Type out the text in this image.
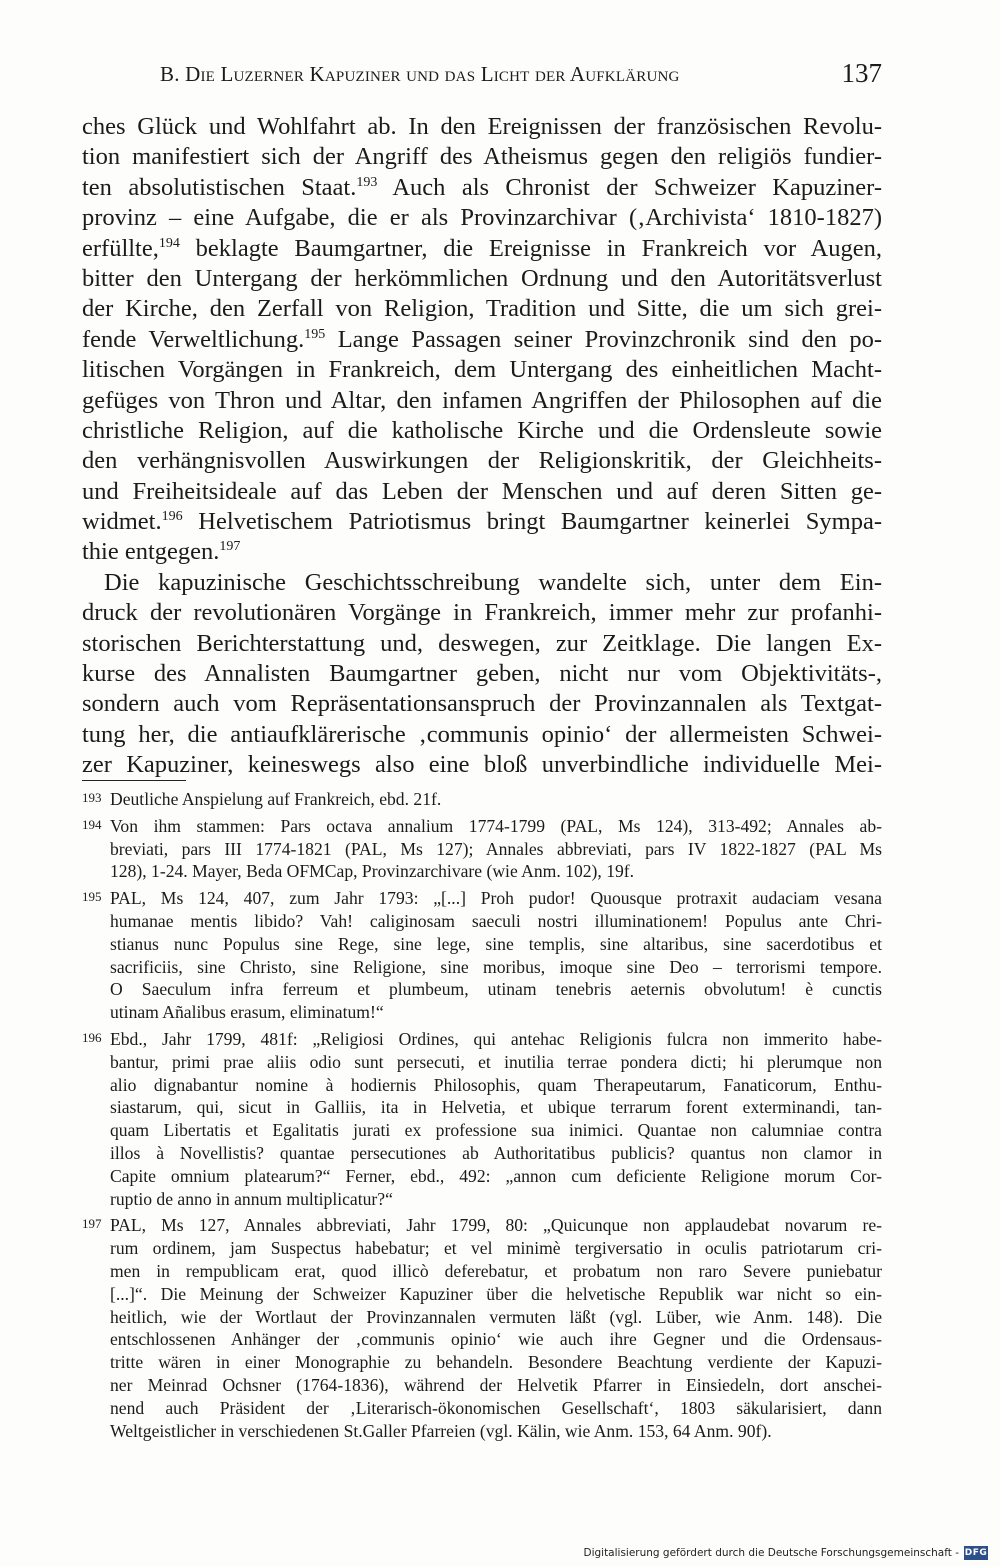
B. Die Luzerner Kapuziner und das Licht der Aufklärung	137
ches Glück und Wohlfahrt ab. In den Ereignissen der französischen Revolu-
tion manifestiert sich der Angriff des Atheismus gegen den religiös fundier-
ten absolutistischen Staat.$^{193}$ Auch als Chronist der Schweizer Kapuziner-
provinz – eine Aufgabe, die er als Provinzarchivar (‚Archivista‘ 1810-1827)
erfüllte,$^{194}$ beklagte Baumgartner, die Ereignisse in Frankreich vor Augen,
bitter den Untergang der herkömmlichen Ordnung und den Autoritätsverlust
der Kirche, den Zerfall von Religion, Tradition und Sitte, die um sich grei-
fende Verweltlichung.$^{195}$ Lange Passagen seiner Provinzchronik sind den po-
litischen Vorgängen in Frankreich, dem Untergang des einheitlichen Macht-
gefüges von Thron und Altar, den infamen Angriffen der Philosophen auf die
christliche Religion, auf die katholische Kirche und die Ordensleute sowie
den verhängnisvollen Auswirkungen der Religionskritik, der Gleichheits-
und Freiheitsideale auf das Leben der Menschen und auf deren Sitten ge-
widmet.$^{196}$ Helvetischem Patriotismus bringt Baumgartner keinerlei Sympa-
thie entgegen.$^{197}$
Die kapuzinische Geschichtsschreibung wandelte sich, unter dem Ein-
druck der revolutionären Vorgänge in Frankreich, immer mehr zur profanhi-
storischen Berichterstattung und, deswegen, zur Zeitklage. Die langen Ex-
kurse des Annalisten Baumgartner geben, nicht nur vom Objektivitäts-,
sondern auch vom Repräsentationsanspruch der Provinzannalen als Textgat-
tung her, die antiaufklärerische ‚communis opinio‘ der allermeisten Schwei-
zer Kapuziner, keineswegs also eine bloß unverbindliche individuelle Mei-
193 Deutliche Anspielung auf Frankreich, ebd. 21f.
194 Von ihm stammen: Pars octava annalium 1774-1799 (PAL, Ms 124), 313-492; Annales ab-
breviati, pars III 1774-1821 (PAL, Ms 127); Annales abbreviati, pars IV 1822-1827 (PAL Ms
128), 1-24. Mayer, Beda OFMCap, Provinzarchivare (wie Anm. 102), 19f.
195 PAL, Ms 124, 407, zum Jahr 1793: „[...] Proh pudor! Quousque protraxit audaciam vesana
humanae mentis libido? Vah! caliginosam saeculi nostri illuminationem! Populus ante Chri-
stianus nunc Populus sine Rege, sine lege, sine templis, sine altaribus, sine sacerdotibus et
sacrificiis, sine Christo, sine Religione, sine moribus, imoque sine Deo – terrorismi tempore.
O Saeculum infra ferreum et plumbeum, utinam tenebris aeternis obvolutum! è cunctis
utinam Añalibus erasum, eliminatum!“
196 Ebd., Jahr 1799, 481f: „Religiosi Ordines, qui antehac Religionis fulcra non immerito habe-
bantur, primi prae aliis odio sunt persecuti, et inutilia terrae pondera dicti; hi plerumque non
alio dignabantur nomine à hodiernis Philosophis, quam Therapeutarum, Fanaticorum, Enthu-
siastarum, qui, sicut in Galliis, ita in Helvetia, et ubique terrarum forent exterminandi, tan-
quam Libertatis et Egalitatis jurati ex professione sua inimici. Quantae non calumniae contra
illos à Novellistis? quantae persecutiones ab Authoritatibus publicis? quantus non clamor in
Capite omnium platearum?“ Ferner, ebd., 492: „annon cum deficiente Religione morum Cor-
ruptio de anno in annum multiplicatur?“
197 PAL, Ms 127, Annales abbreviati, Jahr 1799, 80: „Quicunque non applaudebat novarum re-
rum ordinem, jam Suspectus habebatur; et vel minimè tergiversatio in oculis patriotarum cri-
men in rempublicam erat, quod illicò deferebatur, et probatum non raro Severe puniebatur
[...]“. Die Meinung der Schweizer Kapuziner über die helvetische Republik war nicht so ein-
heitlich, wie der Wortlaut der Provinzannalen vermuten läßt (vgl. Lüber, wie Anm. 148). Die
entschlossenen Anhänger der ‚communis opinio‘ wie auch ihre Gegner und die Ordensaus-
tritte wären in einer Monographie zu behandeln. Besondere Beachtung verdiente der Kapuzi-
ner Meinrad Ochsner (1764-1836), während der Helvetik Pfarrer in Einsiedeln, dort anschei-
nend auch Präsident der ‚Literarisch-ökonomischen Gesellschaft‘, 1803 säkularisiert, dann
Weltgeistlicher in verschiedenen St.Galler Pfarreien (vgl. Kälin, wie Anm. 153, 64 Anm. 90f).
Digitalisierung gefördert durch die Deutsche Forschungsgemeinschaft - DFG
